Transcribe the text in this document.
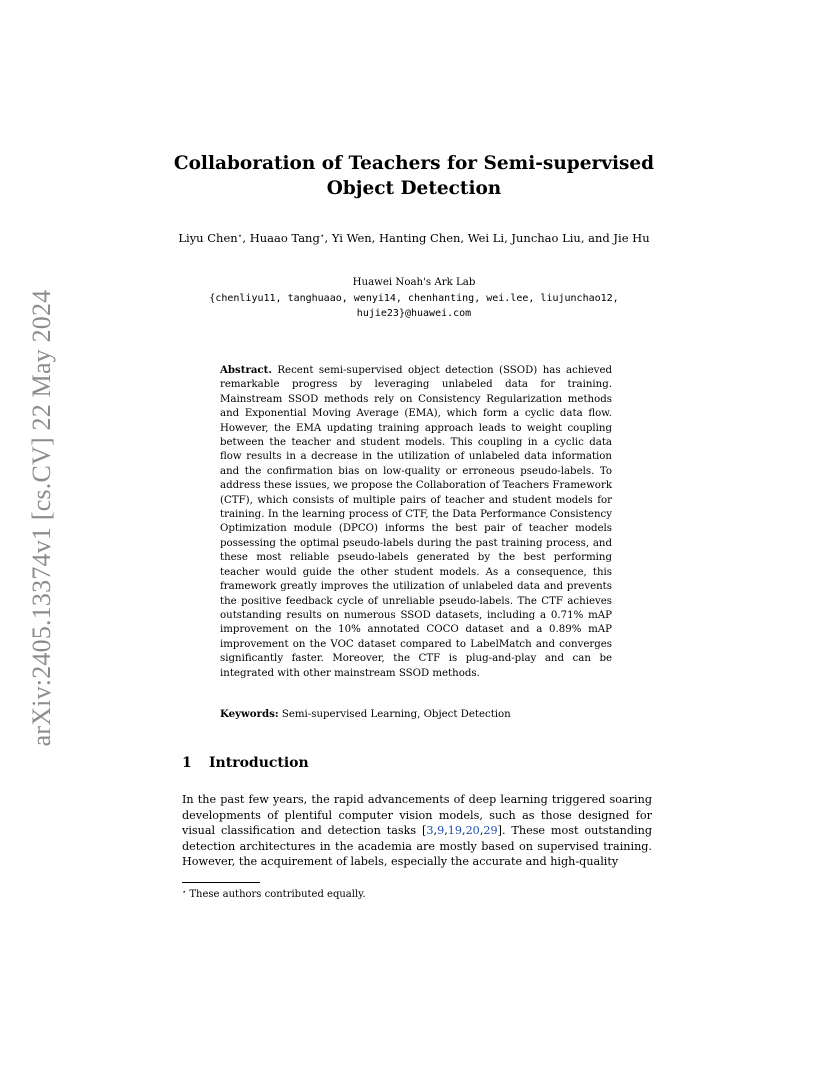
arXiv:2405.13374v1 [cs.CV] 22 May 2024
Collaboration of Teachers for Semi-supervised
Object Detection
Liyu Chen⋆, Huaao Tang⋆, Yi Wen, Hanting Chen, Wei Li, Junchao Liu, and Jie Hu
Huawei Noah's Ark Lab
{chenliyu11, tanghuaao, wenyi14, chenhanting, wei.lee, liujunchao12,
hujie23}@huawei.com
Abstract. Recent semi-supervised object detection (SSOD) has achieved remarkable progress by leveraging unlabeled data for training. Mainstream SSOD methods rely on Consistency Regularization methods and Exponential Moving Average (EMA), which form a cyclic data flow. However, the EMA updating training approach leads to weight coupling between the teacher and student models. This coupling in a cyclic data flow results in a decrease in the utilization of unlabeled data information and the confirmation bias on low-quality or erroneous pseudo-labels. To address these issues, we propose the Collaboration of Teachers Framework (CTF), which consists of multiple pairs of teacher and student models for training. In the learning process of CTF, the Data Performance Consistency Optimization module (DPCO) informs the best pair of teacher models possessing the optimal pseudo-labels during the past training process, and these most reliable pseudo-labels generated by the best performing teacher would guide the other student models. As a consequence, this framework greatly improves the utilization of unlabeled data and prevents the positive feedback cycle of unreliable pseudo-labels. The CTF achieves outstanding results on numerous SSOD datasets, including a 0.71% mAP improvement on the 10% annotated COCO dataset and a 0.89% mAP improvement on the VOC dataset compared to LabelMatch and converges significantly faster. Moreover, the CTF is plug-and-play and can be integrated with other mainstream SSOD methods.
Keywords: Semi-supervised Learning, Object Detection
1 Introduction
In the past few years, the rapid advancements of deep learning triggered soaring developments of plentiful computer vision models, such as those designed for visual classification and detection tasks [3,9,19,20,29]. These most outstanding detection architectures in the academia are mostly based on supervised training. However, the acquirement of labels, especially the accurate and high-quality
⋆ These authors contributed equally.
